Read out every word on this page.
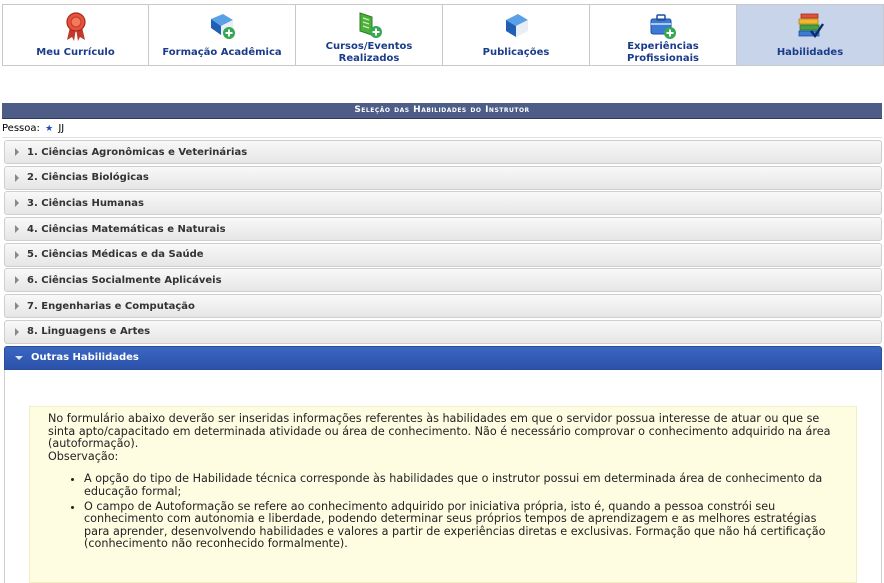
Meu Currículo	Formação Acadêmica
Cursos/Eventos Realizados
Publicações
Experiências Profissionais
Habilidades
Seleção das Habilidades do Instrutor
Pessoa: ★ JJ
1. Ciências Agronômicas e Veterinárias
2. Ciências Biológicas
3. Ciências Humanas
4. Ciências Matemáticas e Naturais
5. Ciências Médicas e da Saúde
6. Ciências Socialmente Aplicáveis
7. Engenharias e Computação
8. Linguagens e Artes
Outras Habilidades

No formulário abaixo deverão ser inseridas informações referentes às habilidades em que o servidor possua interesse de atuar ou que se sinta apto/capacitado em determinada atividade ou área de conhecimento. Não é necessário comprovar o conhecimento adquirido na área (autoformação).

Observação:

• A opção do tipo de Habilidade técnica corresponde às habilidades que o instrutor possui em determinada área de conhecimento da educação formal;
• O campo de Autoformação se refere ao conhecimento adquirido por iniciativa própria, isto é, quando a pessoa constrói seu conhecimento com autonomia e liberdade, podendo determinar seus próprios tempos de aprendizagem e as melhores estratégias para aprender, desenvolvendo habilidades e valores a partir de experiências diretas e exclusivas. Formação que não há certificação (conhecimento não reconhecido formalmente).
